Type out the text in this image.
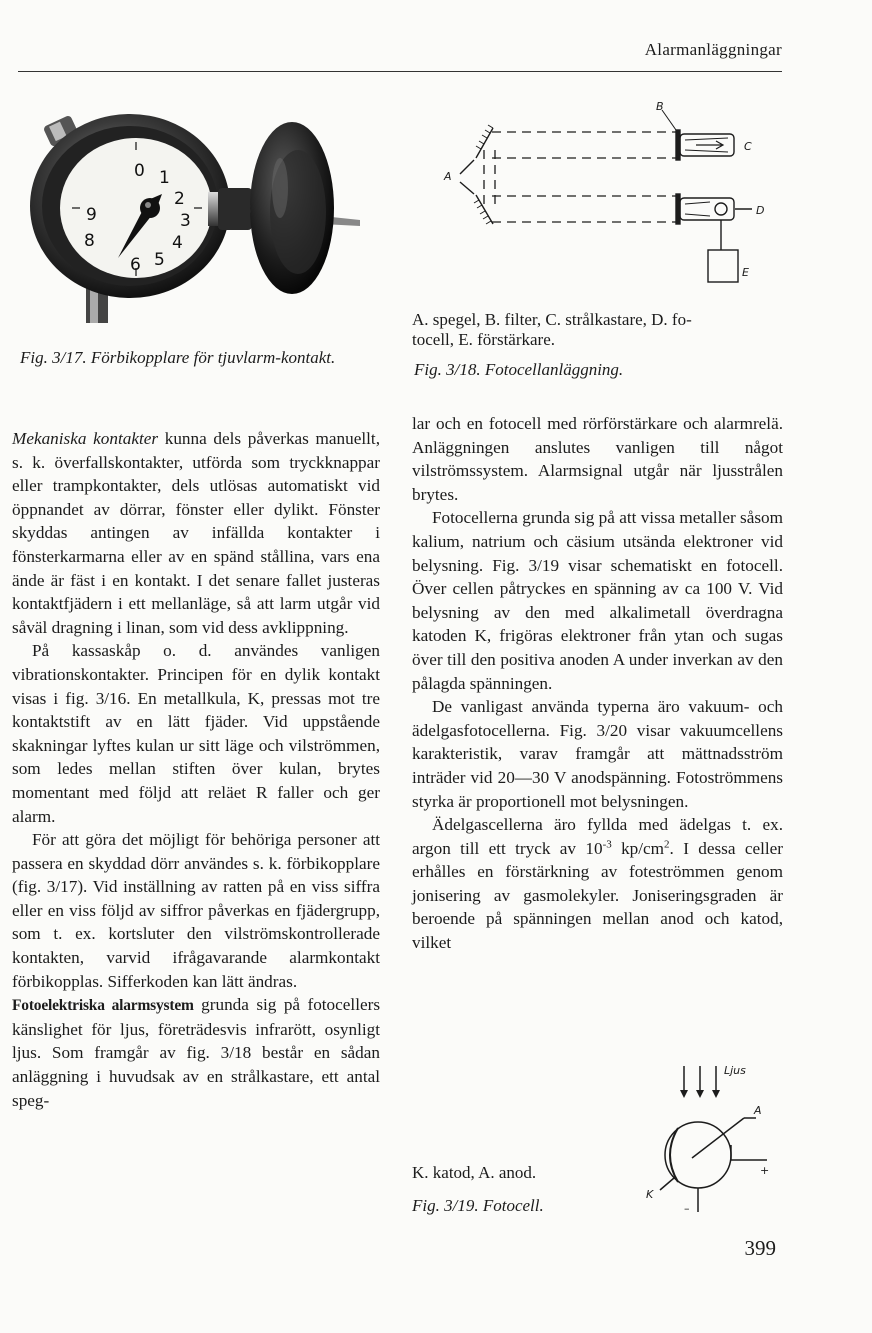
Alarmanläggningar
0 1
2
3
4
5
6
8
9
Fig. 3/17. Förbikopplare för tjuvlarm-kontakt.
B
C
A
D
E
A. spegel, B. filter, C. strålkastare, D. fo-
tocell, E. förstärkare.
Fig. 3/18. Fotocellanläggning.

Mekaniska kontakter kunna dels påverkas manuellt, s. k. överfallskontakter, utförda som tryckknappar eller trampkontakter, dels utlösas automatiskt vid öppnandet av dörrar, fönster eller dylikt. Fönster skyddas antingen av infällda kontakter i fönsterkarmarna eller av en spänd stållina, vars ena ände är fäst i en kontakt. I det senare fallet justeras kontaktfjädern i ett mellanläge, så att larm utgår vid såväl dragning i linan, som vid dess avklippning.

På kassaskåp o. d. användes vanligen vibrationskontakter. Principen för en dylik kontakt visas i fig. 3/16. En metallkula, K, pressas mot tre kontaktstift av en lätt fjäder. Vid uppstående skakningar lyftes kulan ur sitt läge och vilströmmen, som ledes mellan stiften över kulan, brytes momentant med följd att reläet R faller och ger alarm.

För att göra det möjligt för behöriga personer att passera en skyddad dörr användes s. k. förbikopplare (fig. 3/17). Vid inställning av ratten på en viss siffra eller en viss följd av siffror påverkas en fjädergrupp, som t. ex. kortsluter den vilströmskontrollerade kontakten, varvid ifrågavarande alarmkontakt förbikopplas. Sifferkoden kan lätt ändras.

Fotoelektriska alarmsystem grunda sig på fotocellers känslighet för ljus, företrädesvis infrarött, osynligt ljus. Som framgår av fig. 3/18 består en sådan anläggning i huvudsak av en strålkastare, ett antal speg-

lar och en fotocell med rörförstärkare och alarmrelä. Anläggningen anslutes vanligen till något vilströmssystem. Alarmsignal utgår när ljusstrålen brytes.

Fotocellerna grunda sig på att vissa metaller såsom kalium, natrium och cäsium utsända elektroner vid belysning. Fig. 3/19 visar schematiskt en fotocell. Över cellen påtryckes en spänning av ca 100 V. Vid belysning av den med alkalimetall överdragna katoden K, frigöras elektroner från ytan och sugas över till den positiva anoden A under inverkan av den pålagda spänningen.

De vanligast använda typerna äro vakuum- och ädelgasfotocellerna. Fig. 3/20 visar vakuumcellens karakteristik, varav framgår att mättnadsström inträder vid 20—30 V anodspänning. Fotoströmmens styrka är proportionell mot belysningen.

Ädelgascellerna äro fyllda med ädelgas t. ex. argon till ett tryck av $10^{-3}$ $kp/cm^2$. I dessa celler erhålles en förstärkning av foteströmmen genom jonisering av gasmolekyler. Joniseringsgraden är beroende på spänningen mellan anod och katod, vilket

Ljus
A
+
K
–
K. katod, A. anod.
Fig. 3/19. Fotocell.
399
